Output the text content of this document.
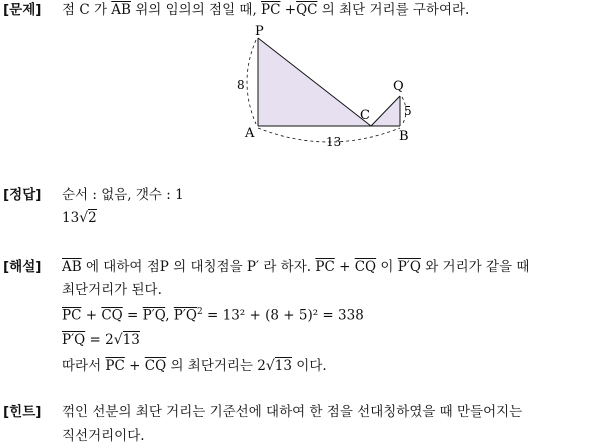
[문제] 점 C 가 $\overline{AB}$ 위의 임의의 점일 때, $\overline{PC} +\overline{QC}$ 의 최단 거리를 구하여라.
P
A
C
Q
B
8
13
5
[정답] 순서 : 없음, 갯수 : 1
13√2
[해설] $\overline{AB}$ 에 대하여 점P 의 대칭점을 P′ 라 하자. $\overline{PC} + \overline{CQ}$ 이 P′Q 와 거리가 같을 때
최단거리가 된다.
$\overline{PC} + \overline{CQ} = P'Q$, $P'Q^2 = 13^2 + (8 + 5)^2 = 338$
P′Q = 2√13
따라서 $\overline{PC} + \overline{CQ}$ 의 최단거리는 2√13 이다.
[힌트] 꺾인 선분의 최단 거리는 기준선에 대하여 한 점을 선대칭하였을 때 만들어지는
직선거리이다.
